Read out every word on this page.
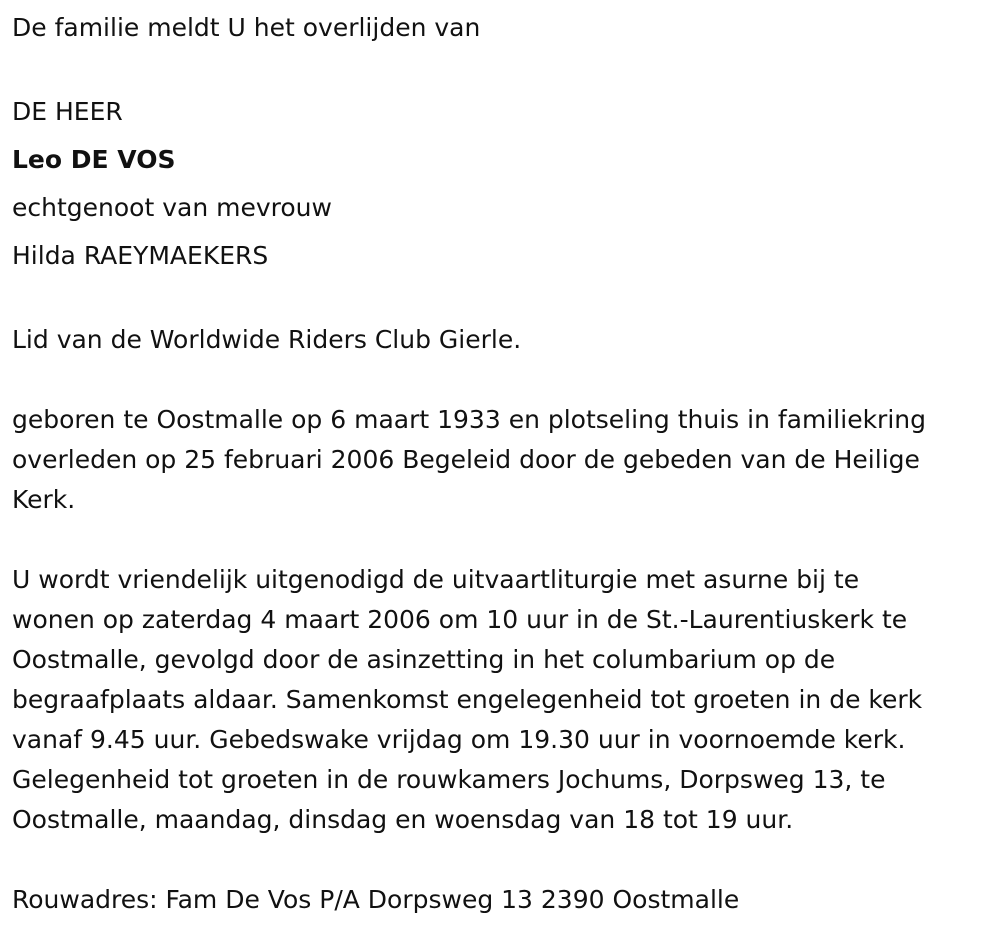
De familie meldt U het overlijden van

DE HEER

Leo DE VOS

echtgenoot van mevrouw

Hilda RAEYMAEKERS

Lid van de Worldwide Riders Club Gierle.

geboren te Oostmalle op 6 maart 1933 en plotseling thuis in familiekring

overleden op 25 februari 2006 Begeleid door de gebeden van de Heilige

Kerk.

U wordt vriendelijk uitgenodigd de uitvaartliturgie met asurne bij te

wonen op zaterdag 4 maart 2006 om 10 uur in de St.-Laurentiuskerk te

Oostmalle, gevolgd door de asinzetting in het columbarium op de

begraafplaats aldaar. Samenkomst engelegenheid tot groeten in de kerk

vanaf 9.45 uur. Gebedswake vrijdag om 19.30 uur in voornoemde kerk.

Gelegenheid tot groeten in de rouwkamers Jochums, Dorpsweg 13, te

Oostmalle, maandag, dinsdag en woensdag van 18 tot 19 uur.

Rouwadres: Fam De Vos P/A Dorpsweg 13 2390 Oostmalle
